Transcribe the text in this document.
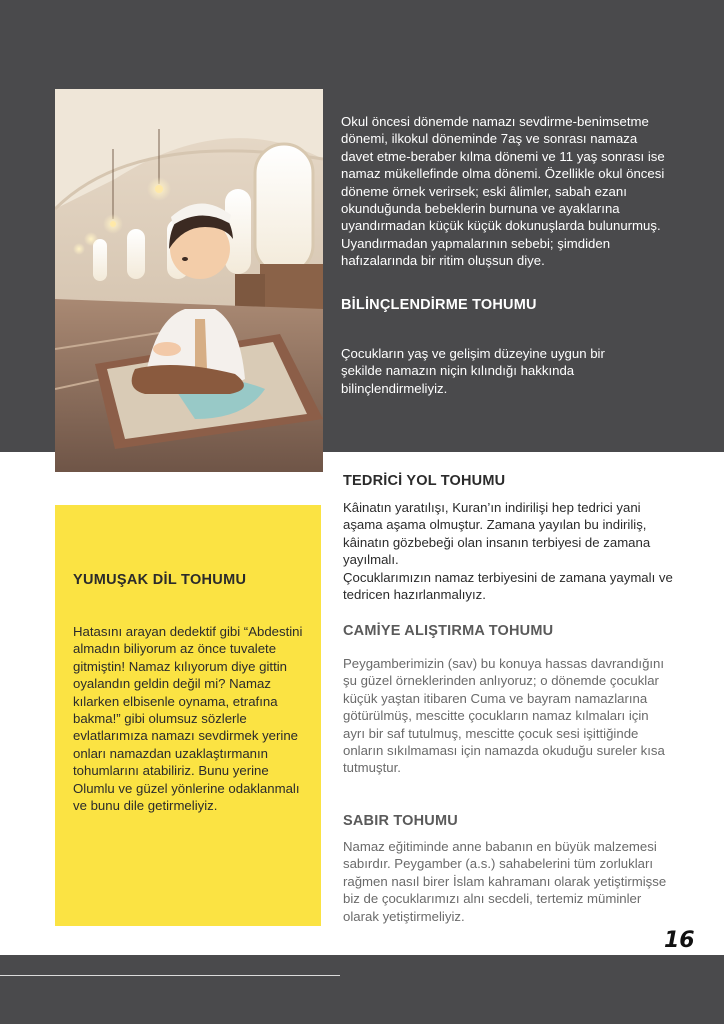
Okul öncesi dönemde namazı sevdirme-benimsetme dönemi, ilkokul döneminde 7aş ve sonrası namaza davet etme-beraber kılma dönemi ve 11 yaş sonrası ise namaz mükellefinde olma dönemi. Özellikle okul öncesi döneme örnek verirsek; eski âlimler, sabah ezanı okunduğunda bebeklerin burnuna ve ayaklarına uyandırmadan küçük küçük dokunuşlarda bulunurmuş. Uyandırmadan yapmalarının sebebi; şimdiden hafızalarında bir ritim oluşsun diye.
BİLİNÇLENDİRME TOHUMU
Çocukların yaş ve gelişim düzeyine uygun bir şekilde namazın niçin kılındığı hakkında bilinçlendirmeliyiz.
YUMUŞAK DİL TOHUMU
Hatasını arayan dedektif gibi “Abdestini almadın biliyorum az önce tuvalete gitmiştin! Namaz kılıyorum diye gittin oyalandın geldin değil mi? Namaz kılarken elbisenle oynama, etrafına bakma!” gibi olumsuz sözlerle evlatlarımıza namazı sevdirmek yerine onları namazdan uzaklaştırmanın tohumlarını atabiliriz. Bunu yerine Olumlu ve güzel yönlerine odaklanmalı ve bunu dile getirmeliyiz.
TEDRİCİ YOL TOHUMU
Kâinatın yaratılışı, Kuran’ın indirilişi hep tedrici yani aşama aşama olmuştur. Zamana yayılan bu indiriliş, kâinatın gözbebeği olan insanın terbiyesi de zamana yayılmalı.
Çocuklarımızın namaz terbiyesini de zamana yaymalı ve tedricen hazırlanmalıyız.
CAMİYE ALIŞTIRMA TOHUMU
Peygamberimizin (sav) bu konuya hassas davrandığını şu güzel örneklerinden anlıyoruz; o dönemde çocuklar küçük yaştan itibaren Cuma ve bayram namazlarına götürülmüş, mescitte çocukların namaz kılmaları için ayrı bir saf tutulmuş, mescitte çocuk sesi işittiğinde onların sıkılmaması için namazda okuduğu sureler kısa tutmuştur.
SABIR TOHUMU
Namaz eğitiminde anne babanın en büyük malzemesi sabırdır. Peygamber (a.s.) sahabelerini tüm zorlukları rağmen nasıl birer İslam kahramanı olarak yetiştirmişse biz de çocuklarımızı alnı secdeli, tertemiz müminler olarak yetiştirmeliyiz.
16
